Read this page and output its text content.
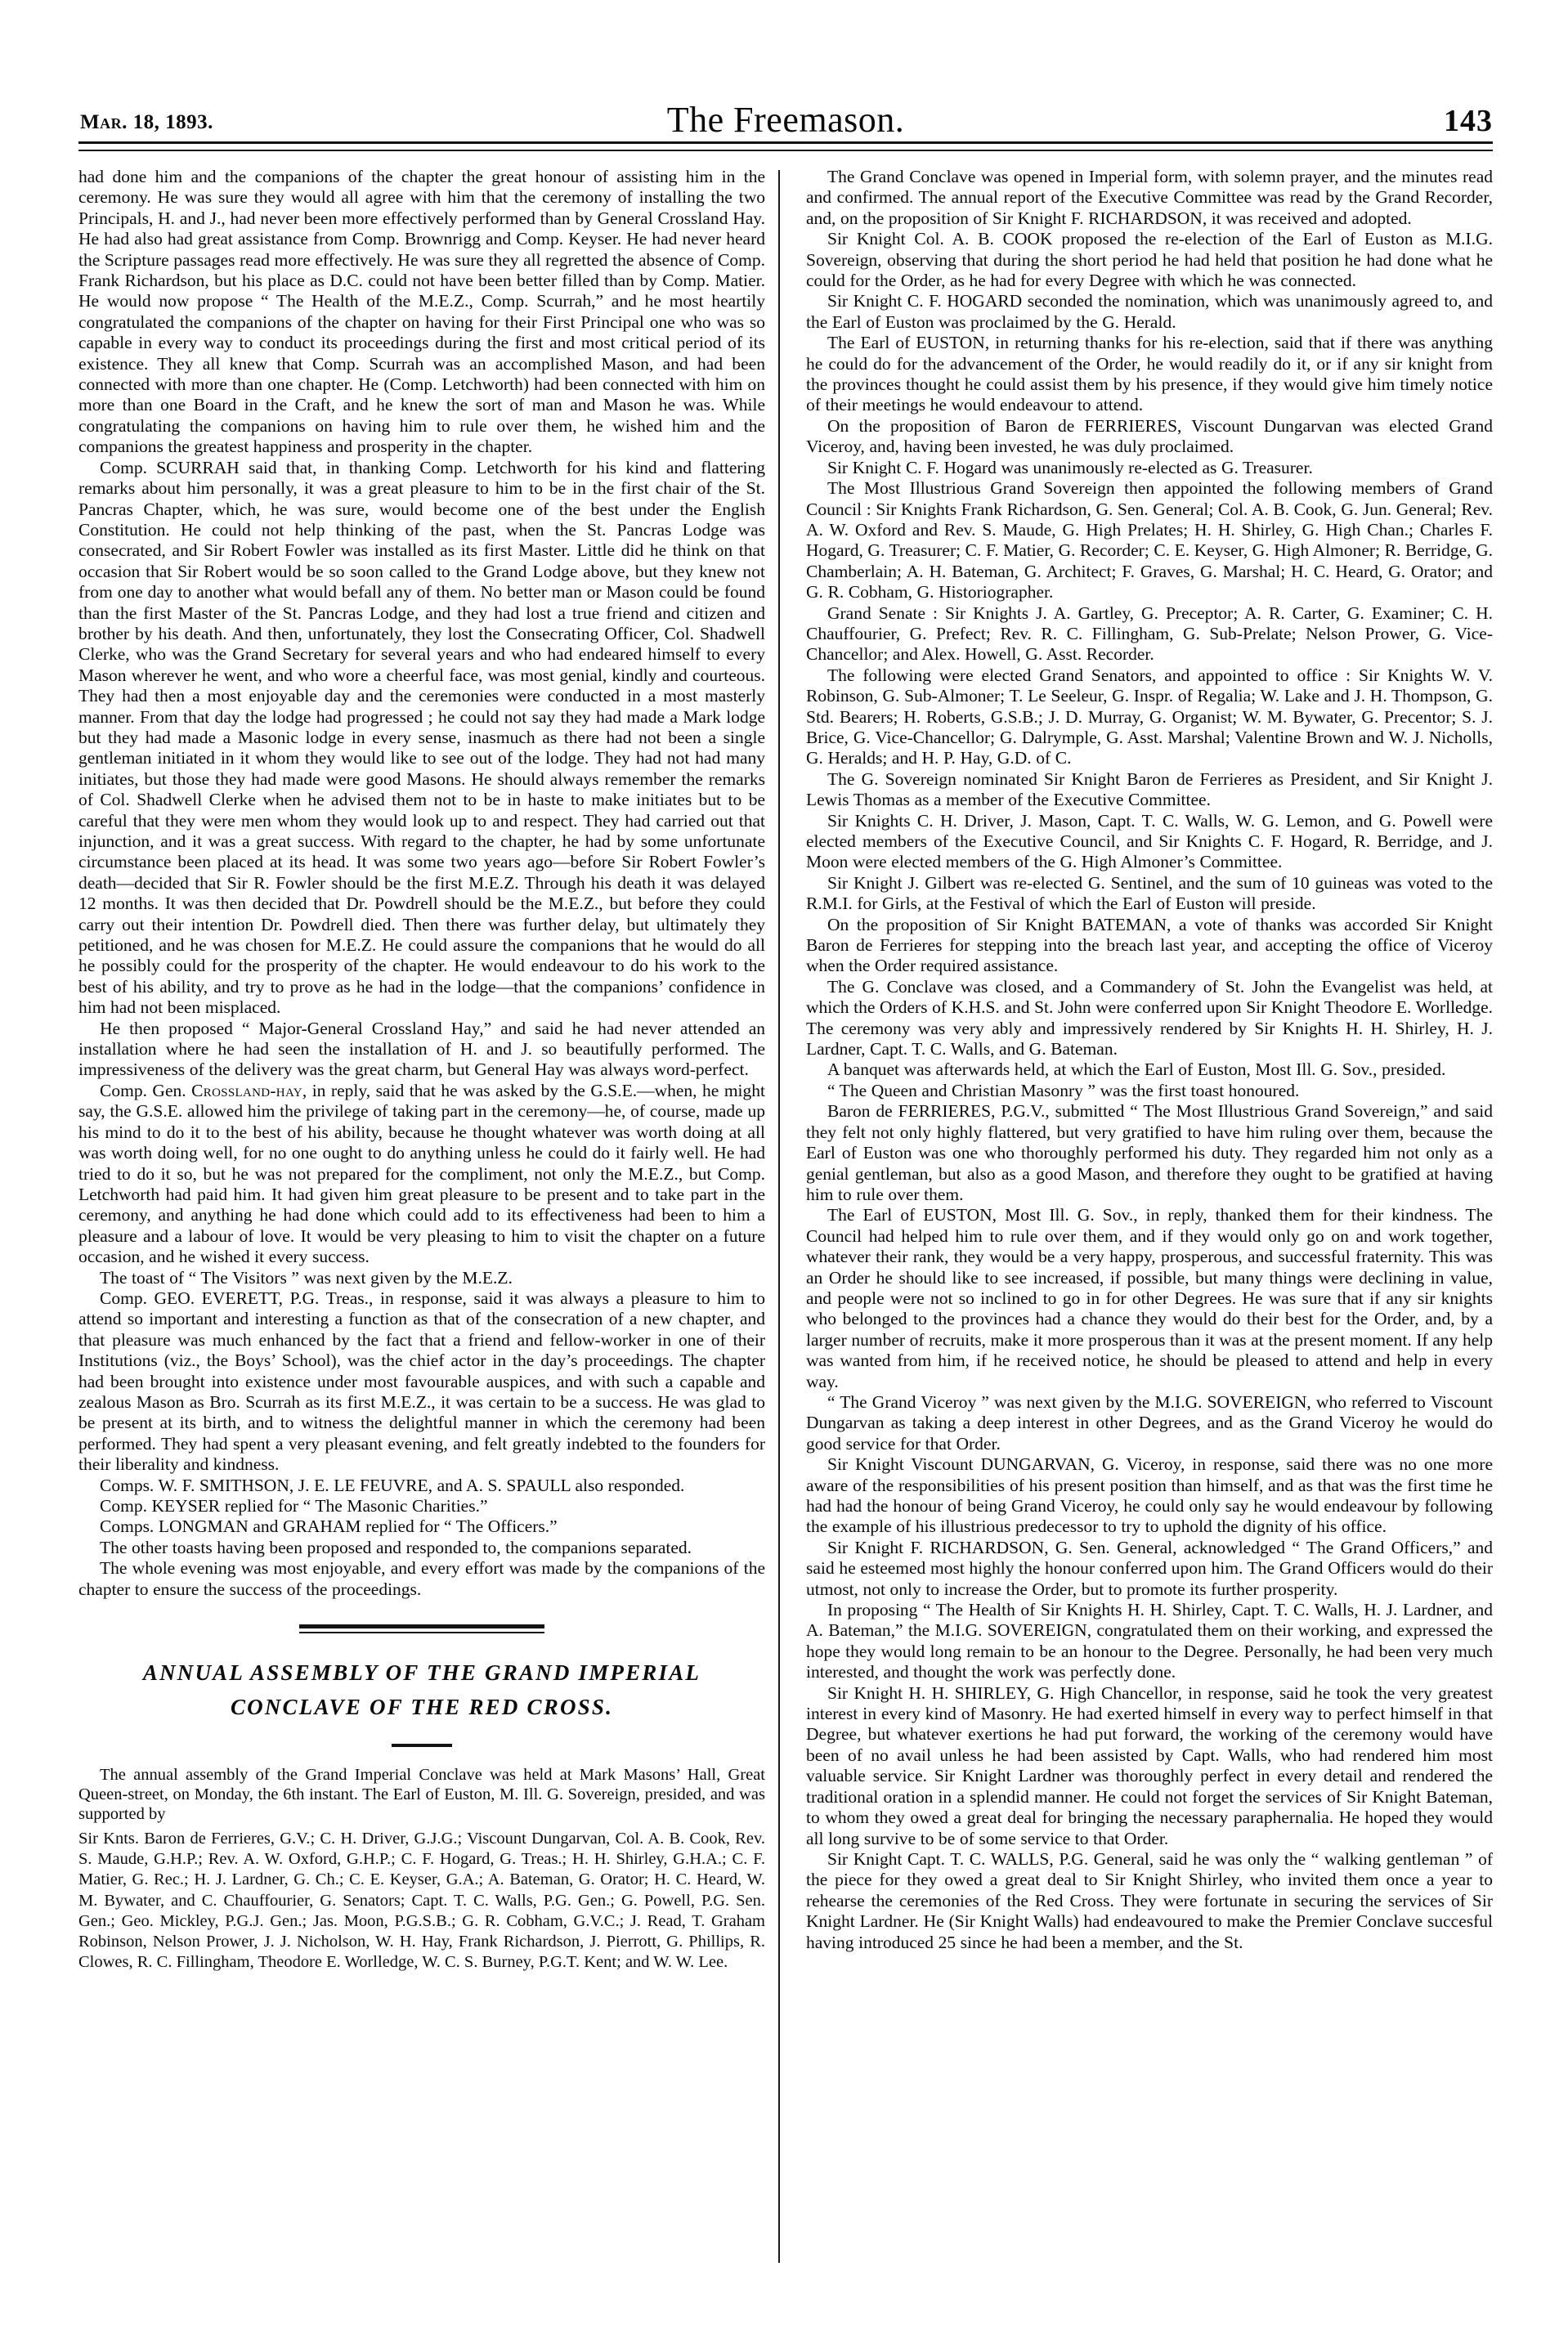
Mar. 18, 1893.	The Freemason.	143

had done him and the companions of the chapter the great honour of assisting him in the ceremony. He was sure they would all agree with him that the ceremony of installing the two Principals, H. and J., had never been more effectively performed than by General Crossland Hay. He had also had great assistance from Comp. Brownrigg and Comp. Keyser. He had never heard the Scripture passages read more effectively. He was sure they all regretted the absence of Comp. Frank Richardson, but his place as D.C. could not have been better filled than by Comp. Matier. He would now propose “ The Health of the M.E.Z., Comp. Scurrah,” and he most heartily congratulated the companions of the chapter on having for their First Principal one who was so capable in every way to conduct its proceedings during the first and most critical period of its existence. They all knew that Comp. Scurrah was an accomplished Mason, and had been connected with more than one chapter. He (Comp. Letchworth) had been connected with him on more than one Board in the Craft, and he knew the sort of man and Mason he was. While congratulating the companions on having him to rule over them, he wished him and the companions the greatest happiness and prosperity in the chapter.

Comp. SCURRAH said that, in thanking Comp. Letchworth for his kind and flattering remarks about him personally, it was a great pleasure to him to be in the first chair of the St. Pancras Chapter, which, he was sure, would become one of the best under the English Constitution. He could not help thinking of the past, when the St. Pancras Lodge was consecrated, and Sir Robert Fowler was installed as its first Master. Little did he think on that occasion that Sir Robert would be so soon called to the Grand Lodge above, but they knew not from one day to another what would befall any of them. No better man or Mason could be found than the first Master of the St. Pancras Lodge, and they had lost a true friend and citizen and brother by his death. And then, unfortunately, they lost the Consecrating Officer, Col. Shadwell Clerke, who was the Grand Secretary for several years and who had endeared himself to every Mason wherever he went, and who wore a cheerful face, was most genial, kindly and courteous. They had then a most enjoyable day and the ceremonies were conducted in a most masterly manner. From that day the lodge had progressed ; he could not say they had made a Mark lodge but they had made a Masonic lodge in every sense, inasmuch as there had not been a single gentleman initiated in it whom they would like to see out of the lodge. They had not had many initiates, but those they had made were good Masons. He should always remember the remarks of Col. Shadwell Clerke when he advised them not to be in haste to make initiates but to be careful that they were men whom they would look up to and respect. They had carried out that injunction, and it was a great success. With regard to the chapter, he had by some unfortunate circumstance been placed at its head. It was some two years ago—before Sir Robert Fowler’s death—decided that Sir R. Fowler should be the first M.E.Z. Through his death it was delayed 12 months. It was then decided that Dr. Powdrell should be the M.E.Z., but before they could carry out their intention Dr. Powdrell died. Then there was further delay, but ultimately they petitioned, and he was chosen for M.E.Z. He could assure the companions that he would do all he possibly could for the prosperity of the chapter. He would endeavour to do his work to the best of his ability, and try to prove as he had in the lodge—that the companions’ confidence in him had not been misplaced.

He then proposed “ Major-General Crossland Hay,” and said he had never attended an installation where he had seen the installation of H. and J. so beautifully performed. The impressiveness of the delivery was the great charm, but General Hay was always word-perfect.

Comp. Gen. Crossland-hay, in reply, said that he was asked by the G.S.E.—when, he might say, the G.S.E. allowed him the privilege of taking part in the ceremony—he, of course, made up his mind to do it to the best of his ability, because he thought whatever was worth doing at all was worth doing well, for no one ought to do anything unless he could do it fairly well. He had tried to do it so, but he was not prepared for the compliment, not only the M.E.Z., but Comp. Letchworth had paid him. It had given him great pleasure to be present and to take part in the ceremony, and anything he had done which could add to its effectiveness had been to him a pleasure and a labour of love. It would be very pleasing to him to visit the chapter on a future occasion, and he wished it every success.

The toast of “ The Visitors ” was next given by the M.E.Z.

Comp. GEO. EVERETT, P.G. Treas., in response, said it was always a pleasure to him to attend so important and interesting a function as that of the consecration of a new chapter, and that pleasure was much enhanced by the fact that a friend and fellow-worker in one of their Institutions (viz., the Boys’ School), was the chief actor in the day’s proceedings. The chapter had been brought into existence under most favourable auspices, and with such a capable and zealous Mason as Bro. Scurrah as its first M.E.Z., it was certain to be a success. He was glad to be present at its birth, and to witness the delightful manner in which the ceremony had been performed. They had spent a very pleasant evening, and felt greatly indebted to the founders for their liberality and kindness.

Comps. W. F. SMITHSON, J. E. LE FEUVRE, and A. S. SPAULL also responded.

Comp. KEYSER replied for “ The Masonic Charities.”

Comps. LONGMAN and GRAHAM replied for “ The Officers.”

The other toasts having been proposed and responded to, the companions separated.

The whole evening was most enjoyable, and every effort was made by the companions of the chapter to ensure the success of the proceedings.

ANNUAL ASSEMBLY OF THE GRAND IMPERIAL
CONCLAVE OF THE RED CROSS.

The annual assembly of the Grand Imperial Conclave was held at Mark Masons’ Hall, Great Queen-street, on Monday, the 6th instant. The Earl of Euston, M. Ill. G. Sovereign, presided, and was supported by

Sir Knts. Baron de Ferrieres, G.V.; C. H. Driver, G.J.G.; Viscount Dungarvan, Col. A. B. Cook, Rev. S. Maude, G.H.P.; Rev. A. W. Oxford, G.H.P.; C. F. Hogard, G. Treas.; H. H. Shirley, G.H.A.; C. F. Matier, G. Rec.; H. J. Lardner, G. Ch.; C. E. Keyser, G.A.; A. Bateman, G. Orator; H. C. Heard, W. M. Bywater, and C. Chauffourier, G. Senators; Capt. T. C. Walls, P.G. Gen.; G. Powell, P.G. Sen. Gen.; Geo. Mickley, P.G.J. Gen.; Jas. Moon, P.G.S.B.; G. R. Cobham, G.V.C.; J. Read, T. Graham Robinson, Nelson Prower, J. J. Nicholson, W. H. Hay, Frank Richardson, J. Pierrott, G. Phillips, R. Clowes, R. C. Fillingham, Theodore E. Worlledge, W. C. S. Burney, P.G.T. Kent; and W. W. Lee.

The Grand Conclave was opened in Imperial form, with solemn prayer, and the minutes read and confirmed. The annual report of the Executive Committee was read by the Grand Recorder, and, on the proposition of Sir Knight F. RICHARDSON, it was received and adopted.

Sir Knight Col. A. B. COOK proposed the re-election of the Earl of Euston as M.I.G. Sovereign, observing that during the short period he had held that position he had done what he could for the Order, as he had for every Degree with which he was connected.

Sir Knight C. F. HOGARD seconded the nomination, which was unanimously agreed to, and the Earl of Euston was proclaimed by the G. Herald.

The Earl of EUSTON, in returning thanks for his re-election, said that if there was anything he could do for the advancement of the Order, he would readily do it, or if any sir knight from the provinces thought he could assist them by his presence, if they would give him timely notice of their meetings he would endeavour to attend.

On the proposition of Baron de FERRIERES, Viscount Dungarvan was elected Grand Viceroy, and, having been invested, he was duly proclaimed.

Sir Knight C. F. Hogard was unanimously re-elected as G. Treasurer.

The Most Illustrious Grand Sovereign then appointed the following members of Grand Council : Sir Knights Frank Richardson, G. Sen. General; Col. A. B. Cook, G. Jun. General; Rev. A. W. Oxford and Rev. S. Maude, G. High Prelates; H. H. Shirley, G. High Chan.; Charles F. Hogard, G. Treasurer; C. F. Matier, G. Recorder; C. E. Keyser, G. High Almoner; R. Berridge, G. Chamberlain; A. H. Bateman, G. Architect; F. Graves, G. Marshal; H. C. Heard, G. Orator; and G. R. Cobham, G. Historiographer.

Grand Senate : Sir Knights J. A. Gartley, G. Preceptor; A. R. Carter, G. Examiner; C. H. Chauffourier, G. Prefect; Rev. R. C. Fillingham, G. Sub-Prelate; Nelson Prower, G. Vice-Chancellor; and Alex. Howell, G. Asst. Recorder.

The following were elected Grand Senators, and appointed to office : Sir Knights W. V. Robinson, G. Sub-Almoner; T. Le Seeleur, G. Inspr. of Regalia; W. Lake and J. H. Thompson, G. Std. Bearers; H. Roberts, G.S.B.; J. D. Murray, G. Organist; W. M. Bywater, G. Precentor; S. J. Brice, G. Vice-Chancellor; G. Dalrymple, G. Asst. Marshal; Valentine Brown and W. J. Nicholls, G. Heralds; and H. P. Hay, G.D. of C.

The G. Sovereign nominated Sir Knight Baron de Ferrieres as President, and Sir Knight J. Lewis Thomas as a member of the Executive Committee.

Sir Knights C. H. Driver, J. Mason, Capt. T. C. Walls, W. G. Lemon, and G. Powell were elected members of the Executive Council, and Sir Knights C. F. Hogard, R. Berridge, and J. Moon were elected members of the G. High Almoner’s Committee.

Sir Knight J. Gilbert was re-elected G. Sentinel, and the sum of 10 guineas was voted to the R.M.I. for Girls, at the Festival of which the Earl of Euston will preside.

On the proposition of Sir Knight BATEMAN, a vote of thanks was accorded Sir Knight Baron de Ferrieres for stepping into the breach last year, and accepting the office of Viceroy when the Order required assistance.

The G. Conclave was closed, and a Commandery of St. John the Evangelist was held, at which the Orders of K.H.S. and St. John were conferred upon Sir Knight Theodore E. Worlledge. The ceremony was very ably and impressively rendered by Sir Knights H. H. Shirley, H. J. Lardner, Capt. T. C. Walls, and G. Bateman.

A banquet was afterwards held, at which the Earl of Euston, Most Ill. G. Sov., presided.

“ The Queen and Christian Masonry ” was the first toast honoured.

Baron de FERRIERES, P.G.V., submitted “ The Most Illustrious Grand Sovereign,” and said they felt not only highly flattered, but very gratified to have him ruling over them, because the Earl of Euston was one who thoroughly performed his duty. They regarded him not only as a genial gentleman, but also as a good Mason, and therefore they ought to be gratified at having him to rule over them.

The Earl of EUSTON, Most Ill. G. Sov., in reply, thanked them for their kindness. The Council had helped him to rule over them, and if they would only go on and work together, whatever their rank, they would be a very happy, prosperous, and successful fraternity. This was an Order he should like to see increased, if possible, but many things were declining in value, and people were not so inclined to go in for other Degrees. He was sure that if any sir knights who belonged to the provinces had a chance they would do their best for the Order, and, by a larger number of recruits, make it more prosperous than it was at the present moment. If any help was wanted from him, if he received notice, he should be pleased to attend and help in every way.

“ The Grand Viceroy ” was next given by the M.I.G. SOVEREIGN, who referred to Viscount Dungarvan as taking a deep interest in other Degrees, and as the Grand Viceroy he would do good service for that Order.

Sir Knight Viscount DUNGARVAN, G. Viceroy, in response, said there was no one more aware of the responsibilities of his present position than himself, and as that was the first time he had had the honour of being Grand Viceroy, he could only say he would endeavour by following the example of his illustrious predecessor to try to uphold the dignity of his office.

Sir Knight F. RICHARDSON, G. Sen. General, acknowledged “ The Grand Officers,” and said he esteemed most highly the honour conferred upon him. The Grand Officers would do their utmost, not only to increase the Order, but to promote its further prosperity.

In proposing “ The Health of Sir Knights H. H. Shirley, Capt. T. C. Walls, H. J. Lardner, and A. Bateman,” the M.I.G. SOVEREIGN, congratulated them on their working, and expressed the hope they would long remain to be an honour to the Degree. Personally, he had been very much interested, and thought the work was perfectly done.

Sir Knight H. H. SHIRLEY, G. High Chancellor, in response, said he took the very greatest interest in every kind of Masonry. He had exerted himself in every way to perfect himself in that Degree, but whatever exertions he had put forward, the working of the ceremony would have been of no avail unless he had been assisted by Capt. Walls, who had rendered him most valuable service. Sir Knight Lardner was thoroughly perfect in every detail and rendered the traditional oration in a splendid manner. He could not forget the services of Sir Knight Bateman, to whom they owed a great deal for bringing the necessary paraphernalia. He hoped they would all long survive to be of some service to that Order.

Sir Knight Capt. T. C. WALLS, P.G. General, said he was only the “ walking gentleman ” of the piece for they owed a great deal to Sir Knight Shirley, who invited them once a year to rehearse the ceremonies of the Red Cross. They were fortunate in securing the services of Sir Knight Lardner. He (Sir Knight Walls) had endeavoured to make the Premier Conclave succesful having introduced 25 since he had been a member, and the St.
